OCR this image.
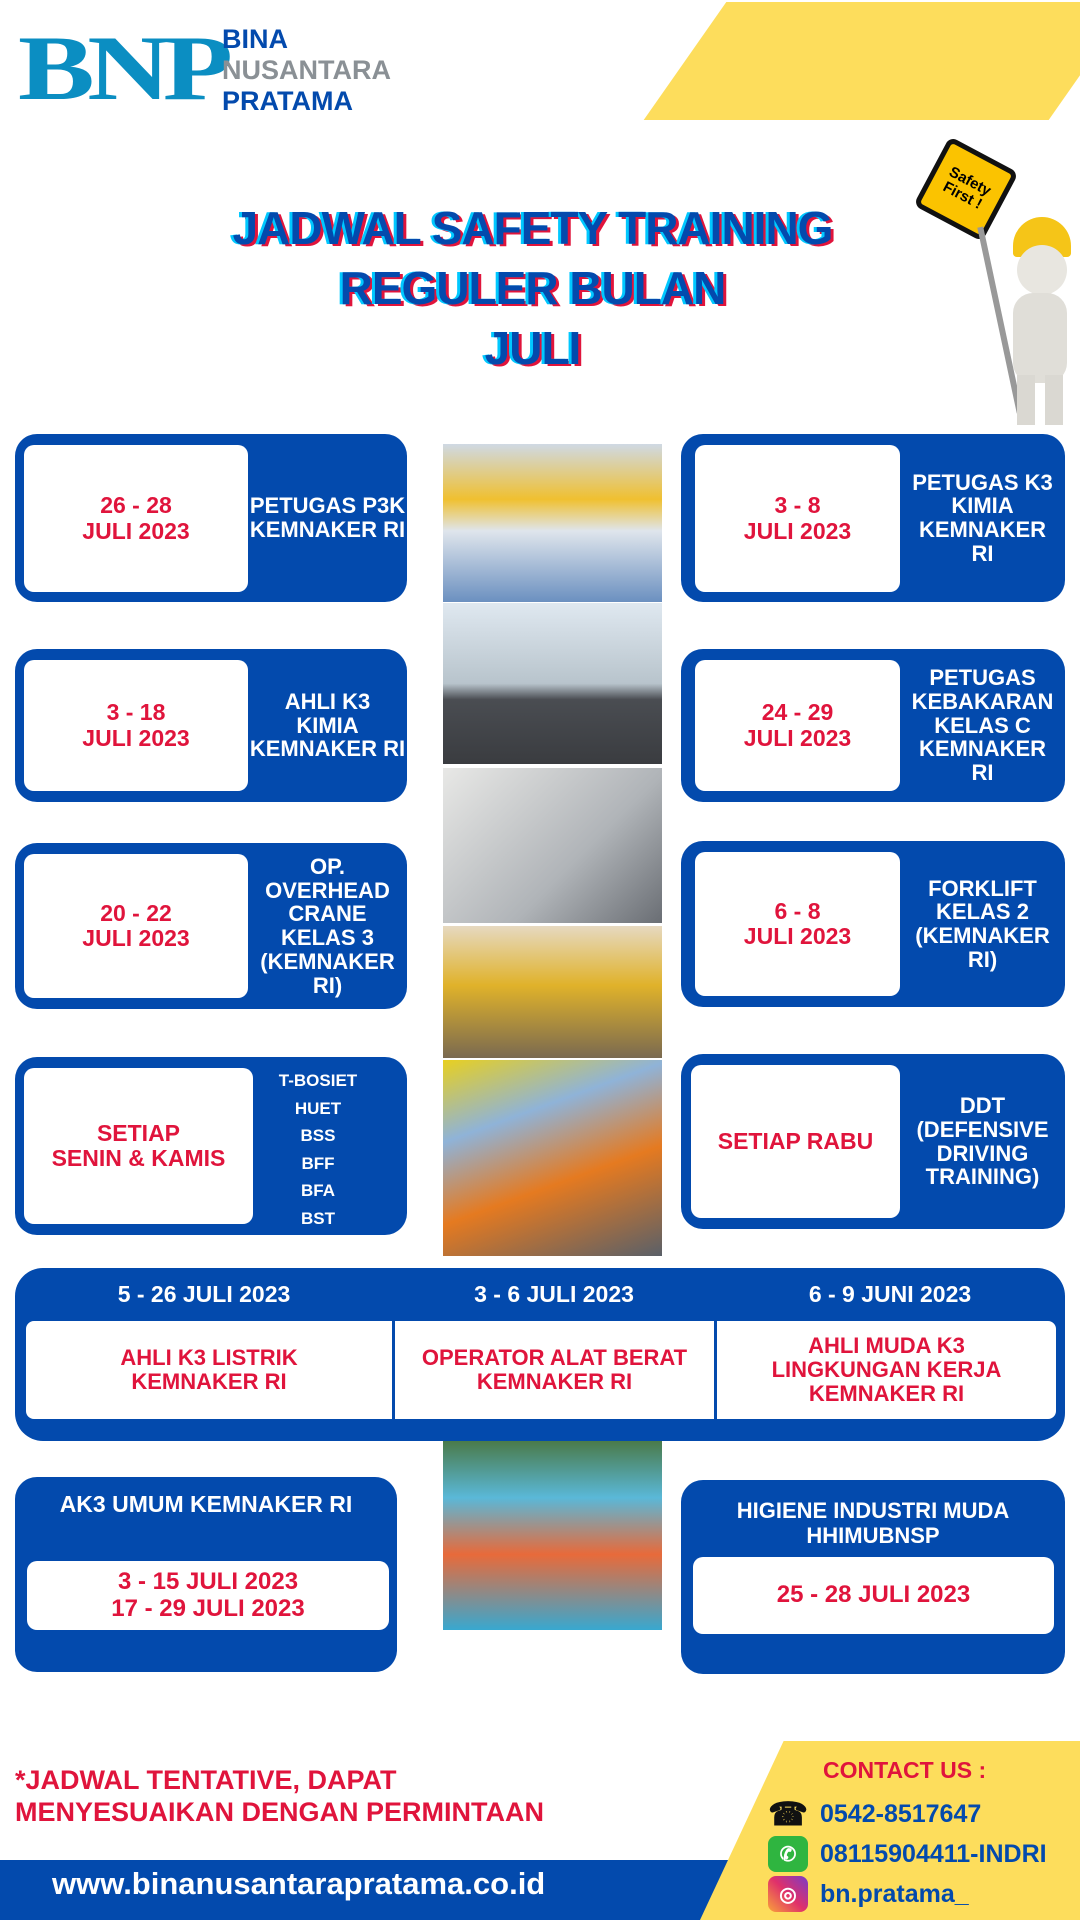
BNP
BINA
NUSANTARA
PRATAMA
JADWAL SAFETY TRAINING
REGULER BULAN
JULI
Safety
First !
26 - 28
JULI 2023
PETUGAS P3K
KEMNAKER RI
3 - 8
JULI 2023
PETUGAS K3
KIMIA
KEMNAKER
RI
3 - 18
JULI 2023
AHLI K3
KIMIA
KEMNAKER RI
24 - 29
JULI 2023
PETUGAS
KEBAKARAN
KELAS C
KEMNAKER
RI
20 - 22
JULI 2023
OP.
OVERHEAD
CRANE
KELAS 3
(KEMNAKER
RI)
6 - 8
JULI 2023
FORKLIFT
KELAS 2
(KEMNAKER
RI)
SETIAP
SENIN & KAMIS
T-BOSIET
HUET
BSS
BFF
BFA
BST
SETIAP RABU
DDT
(DEFENSIVE
DRIVING
TRAINING)
5 - 26 JULI 2023	3 - 6 JULI 2023	6 - 9 JUNI 2023
AHLI K3 LISTRIK
KEMNAKER RI
OPERATOR ALAT BERAT
KEMNAKER RI
AHLI MUDA K3
LINGKUNGAN KERJA
KEMNAKER RI
AK3 UMUM KEMNAKER RI
3 - 15 JULI 2023
17 - 29 JULI 2023
HIGIENE INDUSTRI MUDA
HHIMUBNSP
25 - 28 JULI 2023
*JADWAL TENTATIVE, DAPAT
MENYESUAIKAN DENGAN PERMINTAAN
www.binanusantarapratama.co.id
CONTACT US :
☎ 0542-8517647
✆ 08115904411-INDRI
◎ bn.pratama_
